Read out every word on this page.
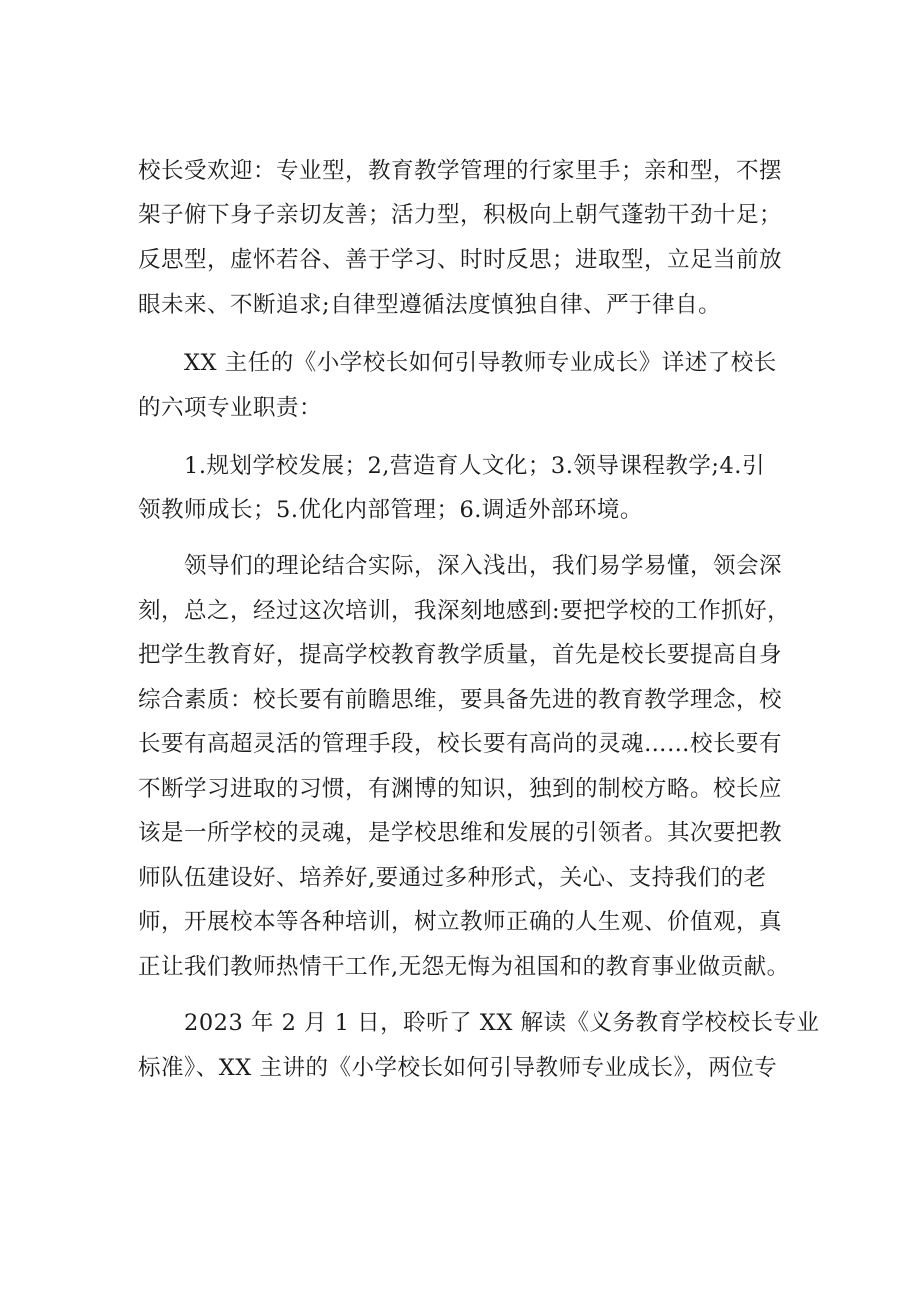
校长受欢迎：专业型，教育教学管理的行家里手；亲和型，不摆
架子俯下身子亲切友善；活力型，积极向上朝气蓬勃干劲十足；
反思型，虚怀若谷、善于学习、时时反思；进取型，立足当前放
眼未来、不断追求;自律型遵循法度慎独自律、严于律自。
XX 主任的《小学校长如何引导教师专业成长》详述了校长
的六项专业职责：
1.规划学校发展；2,营造育人文化；3.领导课程教学;4.引
领教师成长；5.优化内部管理；6.调适外部环境。
领导们的理论结合实际，深入浅出，我们易学易懂，领会深
刻，总之，经过这次培训，我深刻地感到:要把学校的工作抓好，
把学生教育好，提高学校教育教学质量，首先是校长要提高自身
综合素质：校长要有前瞻思维，要具备先进的教育教学理念，校
长要有高超灵活的管理手段，校长要有高尚的灵魂……校长要有
不断学习进取的习惯，有渊博的知识，独到的制校方略。校长应
该是一所学校的灵魂，是学校思维和发展的引领者。其次要把教
师队伍建设好、培养好,要通过多种形式，关心、支持我们的老
师，开展校本等各种培训，树立教师正确的人生观、价值观，真
正让我们教师热情干工作,无怨无悔为祖国和的教育事业做贡献。
2023 年 2 月 1 日，聆听了 XX 解读《义务教育学校校长专业
标准》、XX 主讲的《小学校长如何引导教师专业成长》，两位专
